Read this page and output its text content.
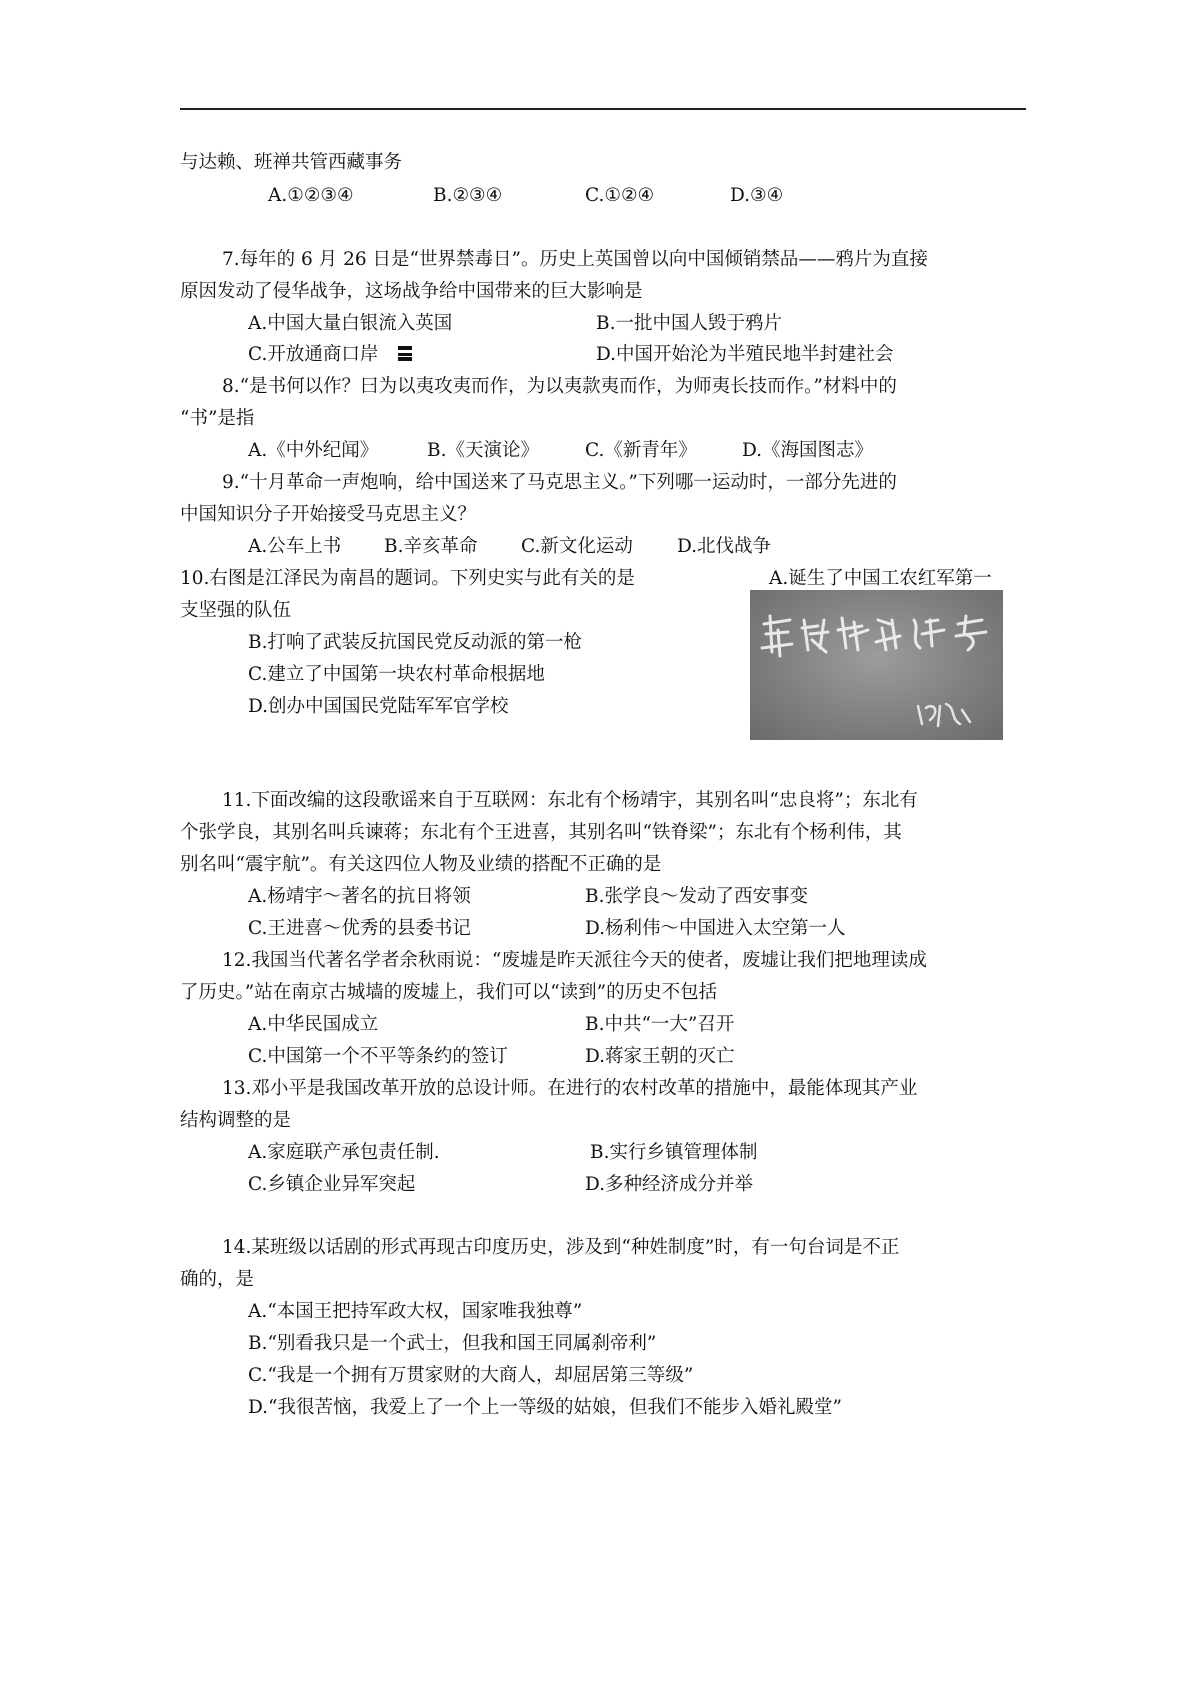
与达赖、班禅共管西藏事务
A.①②③④	B.②③④	C.①②④	D.③④
7.每年的 6 月 26 日是“世界禁毒日”。历史上英国曾以向中国倾销禁品——鸦片为直接
原因发动了侵华战争，这场战争给中国带来的巨大影响是
A.中国大量白银流入英国	B.一批中国人毁于鸦片
C.开放通商口岸	D.中国开始沦为半殖民地半封建社会
8.“是书何以作？曰为以夷攻夷而作，为以夷款夷而作，为师夷长技而作。”材料中的
“书”是指
A.《中外纪闻》	B.《天演论》 C.《新青年》 D.《海国图志》
9.“十月革命一声炮响，给中国送来了马克思主义。”下列哪一运动时，一部分先进的
中国知识分子开始接受马克思主义？
A.公车上书 B.辛亥革命 C.新文化运动 D.北伐战争
10.右图是江泽民为南昌的题词。下列史实与此有关的是	A.诞生了中国工农红军第一
支坚强的队伍
B.打响了武装反抗国民党反动派的第一枪
C.建立了中国第一块农村革命根据地
D.创办中国国民党陆军军官学校
11.下面改编的这段歌谣来自于互联网：东北有个杨靖宇，其别名叫“忠良将”；东北有
个张学良，其别名叫兵谏蒋；东北有个王进喜，其别名叫“铁脊梁”；东北有个杨利伟，其
别名叫“震宇航”。有关这四位人物及业绩的搭配不正确的是
A.杨靖宇～著名的抗日将领	B.张学良～发动了西安事变
C.王进喜～优秀的县委书记	D.杨利伟～中国进入太空第一人
12.我国当代著名学者余秋雨说：“废墟是昨天派往今天的使者，废墟让我们把地理读成
了历史。”站在南京古城墙的废墟上，我们可以“读到”的历史不包括
A.中华民国成立	B.中共“一大”召开
C.中国第一个不平等条约的签订	D.蒋家王朝的灭亡
13.邓小平是我国改革开放的总设计师。在进行的农村改革的措施中，最能体现其产业
结构调整的是
A.家庭联产承包责任制.	B.实行乡镇管理体制
C.乡镇企业异军突起	D.多种经济成分并举
14.某班级以话剧的形式再现古印度历史，涉及到“种姓制度”时，有一句台词是不正
确的，是
A.“本国王把持军政大权，国家唯我独尊”
B.“别看我只是一个武士，但我和国王同属刹帝利”
C.“我是一个拥有万贯家财的大商人，却屈居第三等级”
D.“我很苦恼，我爱上了一个上一等级的姑娘，但我们不能步入婚礼殿堂”
